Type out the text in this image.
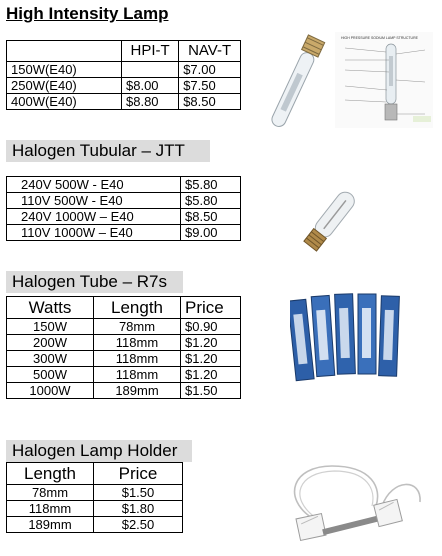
High Intensity Lamp
	HPI-T	NAV-T
150W(E40)		$7.00
250W(E40)	$8.00	$7.50
400W(E40)	$8.80	$8.50
HIGH PRESSURE SODIUM LAMP STRUCTURE
Halogen Tubular – JTT
240V 500W - E40	$5.80
110V 500W - E40	$5.80
240V 1000W – E40	$8.50
110V 1000W – E40	$9.00
Halogen Tube – R7s
Watts	Length	Price
150W	78mm	$0.90
200W	118mm	$1.20
300W	118mm	$1.20
500W	118mm	$1.20
1000W	189mm	$1.50
Halogen Lamp Holder
Length	Price
78mm	$1.50
118mm	$1.80
189mm	$2.50
